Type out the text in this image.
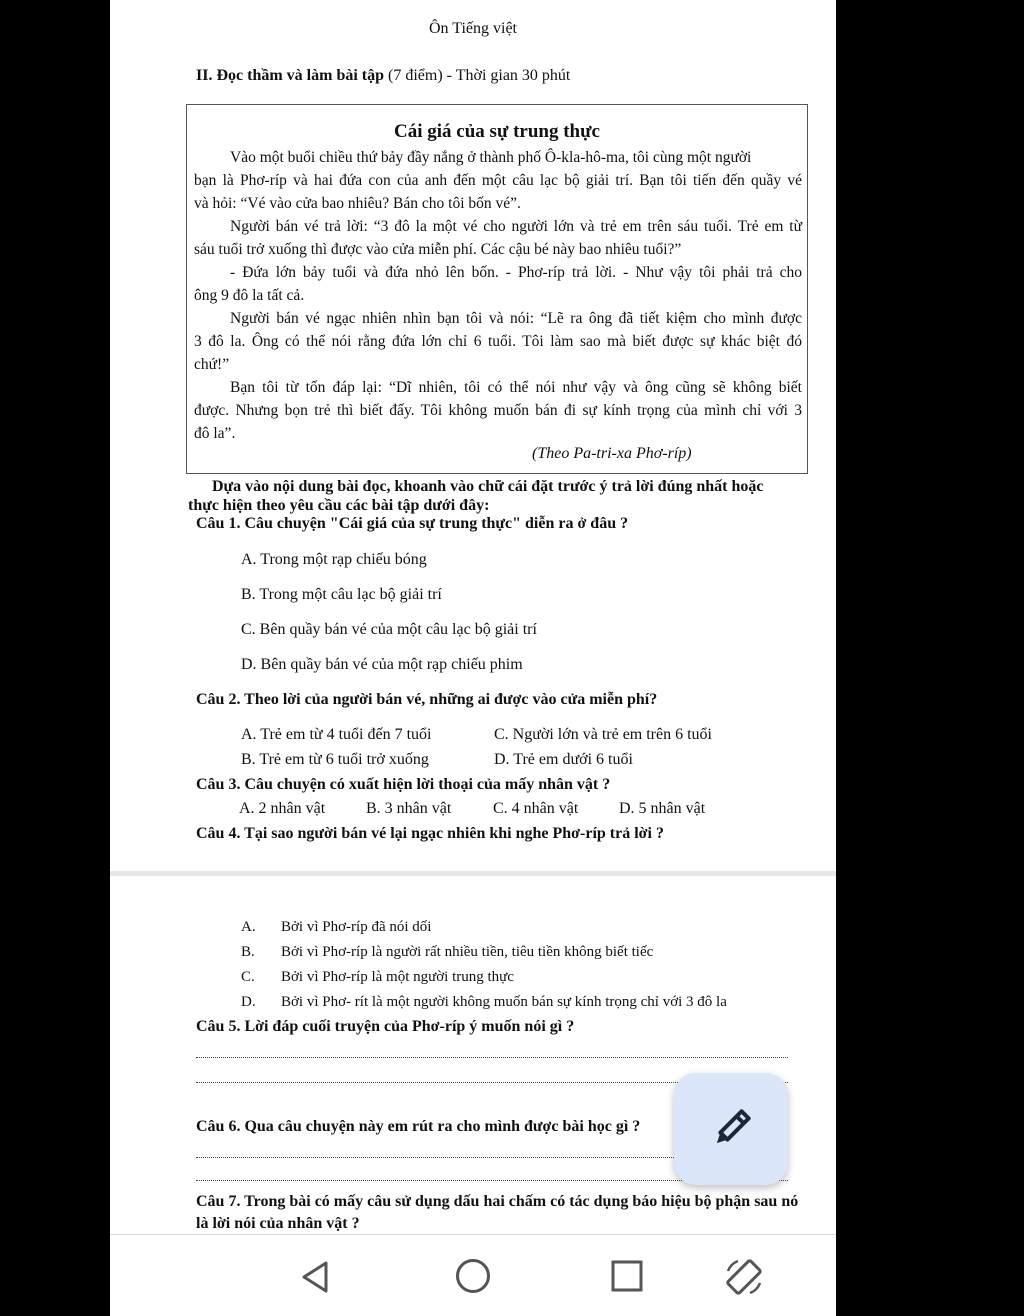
Ôn Tiếng việt
II. Đọc thầm và làm bài tập (7 điểm) - Thời gian 30 phút
Cái giá của sự trung thực
Vào một buổi chiều thứ bảy đầy nắng ở thành phố Ô-kla-hô-ma, tôi cùng một người
bạn là Phơ-ríp và hai đứa con của anh đến một câu lạc bộ giải trí. Bạn tôi tiến đến quầy vé
và hỏi: “Vé vào cửa bao nhiêu? Bán cho tôi bốn vé”.
Người bán vé trả lời: “3 đô la một vé cho người lớn và trẻ em trên sáu tuổi. Trẻ em từ
sáu tuổi trở xuống thì được vào cửa miễn phí. Các cậu bé này bao nhiêu tuổi?”
- Đứa lớn bảy tuổi và đứa nhỏ lên bốn. - Phơ-ríp trả lời. - Như vậy tôi phải trả cho
ông 9 đô la tất cả.
Người bán vé ngạc nhiên nhìn bạn tôi và nói: “Lẽ ra ông đã tiết kiệm cho mình được
3 đô la. Ông có thể nói rằng đứa lớn chỉ 6 tuổi. Tôi làm sao mà biết được sự khác biệt đó
chứ!”
Bạn tôi từ tốn đáp lại: “Dĩ nhiên, tôi có thể nói như vậy và ông cũng sẽ không biết
được. Nhưng bọn trẻ thì biết đấy. Tôi không muốn bán đi sự kính trọng của mình chỉ với 3
đô la”.
(Theo Pa-tri-xa Phơ-ríp)
Dựa vào nội dung bài đọc, khoanh vào chữ cái đặt trước ý trả lời đúng nhất hoặc
thực hiện theo yêu cầu các bài tập dưới đây:
Câu 1. Câu chuyện "Cái giá của sự trung thực" diễn ra ở đâu ?
A. Trong một rạp chiếu bóng
B. Trong một câu lạc bộ giải trí
C. Bên quầy bán vé của một câu lạc bộ giải trí
D. Bên quầy bán vé của một rạp chiếu phim
Câu 2. Theo lời của người bán vé, những ai được vào cửa miễn phí?
A. Trẻ em từ 4 tuổi đến 7 tuổi	C. Người lớn và trẻ em trên 6 tuổi
B. Trẻ em từ 6 tuổi trở xuống	D. Trẻ em dưới 6 tuổi
Câu 3. Câu chuyện có xuất hiện lời thoại của mấy nhân vật ?
A. 2 nhân vật	B. 3 nhân vật	C. 4 nhân vật	D. 5 nhân vật
Câu 4. Tại sao người bán vé lại ngạc nhiên khi nghe Phơ-ríp trả lời ?
A. Bởi vì Phơ-ríp đã nói dối
B. Bởi vì Phơ-ríp là người rất nhiều tiền, tiêu tiền không biết tiếc
C. Bởi vì Phơ-ríp là một người trung thực
D. Bởi vì Phơ- rít là một người không muốn bán sự kính trọng chỉ với 3 đô la
Câu 5. Lời đáp cuối truyện của Phơ-ríp ý muốn nói gì ?
Câu 6. Qua câu chuyện này em rút ra cho mình được bài học gì ?
Câu 7. Trong bài có mấy câu sử dụng dấu hai chấm có tác dụng báo hiệu bộ phận sau nó
là lời nói của nhân vật ?
